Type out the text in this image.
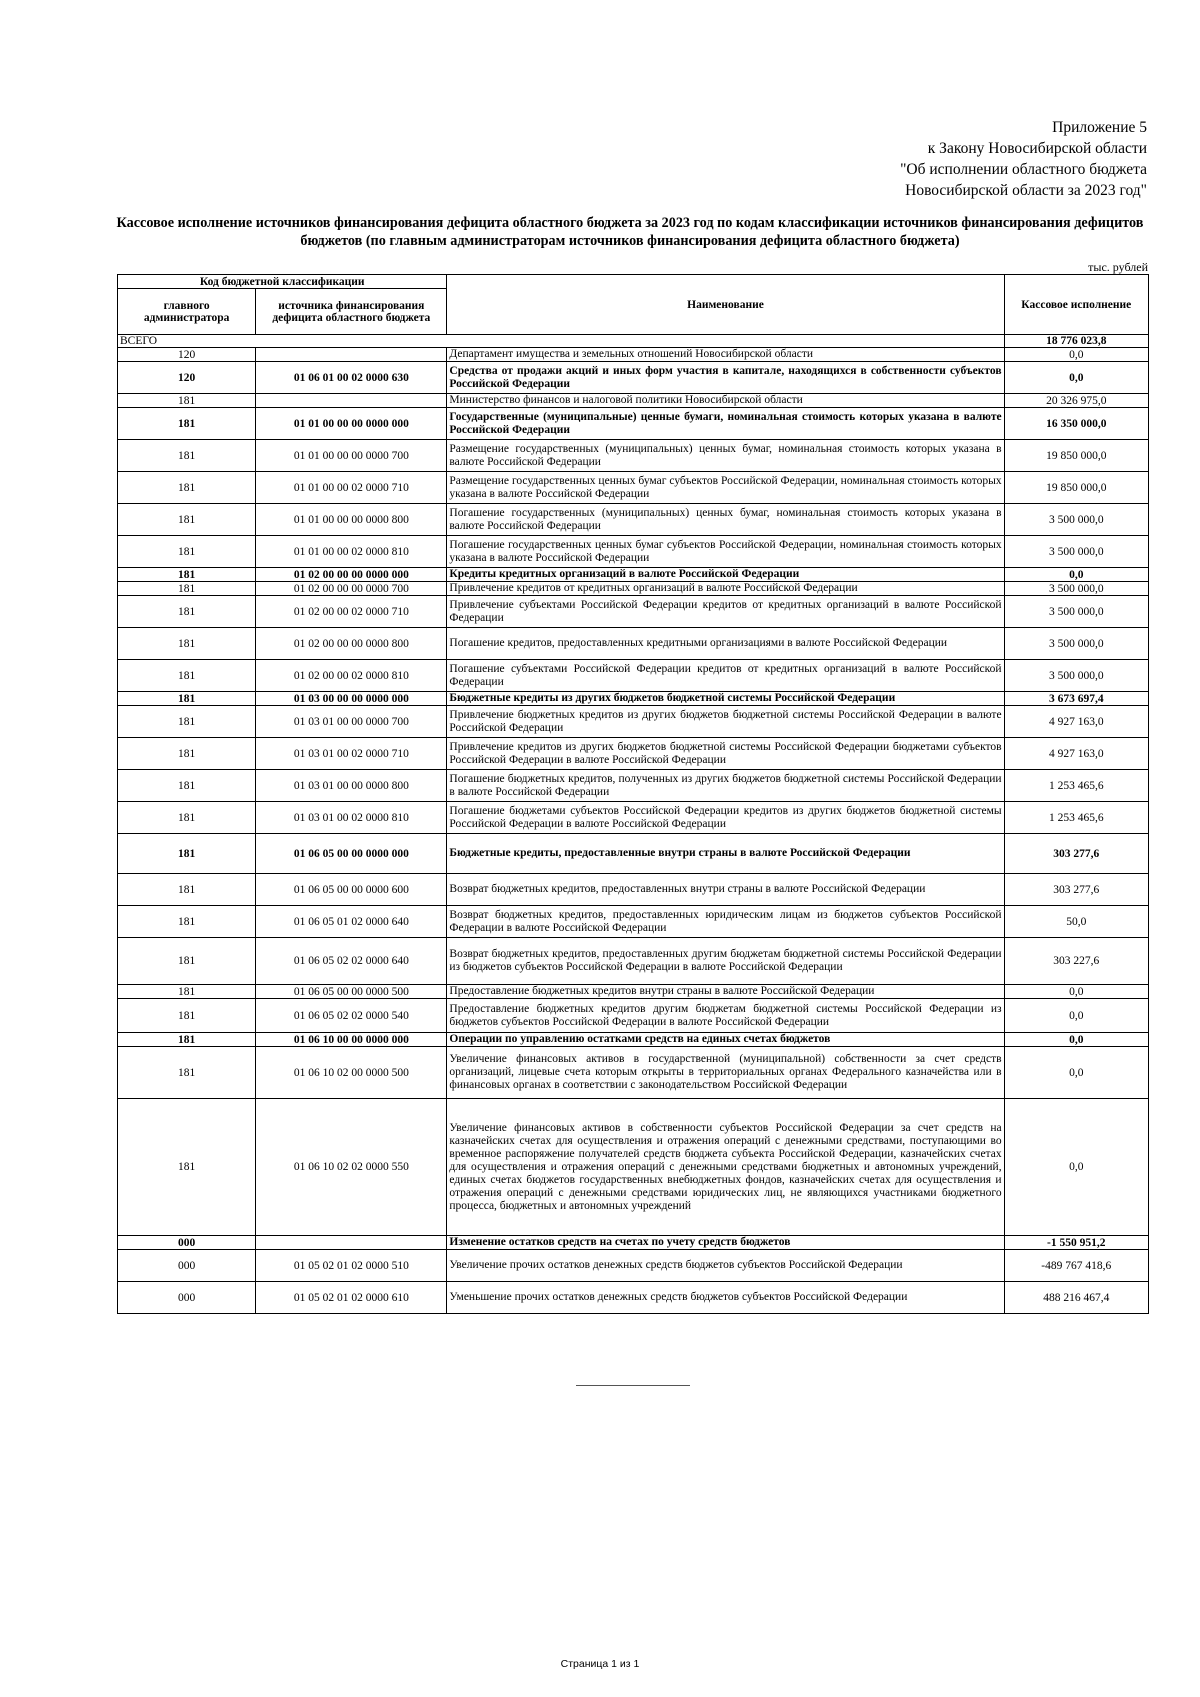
Приложение 5
к Закону Новосибирской области
"Об исполнении областного бюджета
Новосибирской области за 2023 год"
Кассовое исполнение источников финансирования дефицита областного бюджета за 2023 год по кодам классификации источников финансирования дефицитов бюджетов (по главным администраторам источников финансирования дефицита областного бюджета)
тыс. рублей
Код бюджетной классификации		Наименование	Кассовое исполнение
главного администратора	источника финансирования дефицита областного бюджета		
ВСЕГО			18 776 023,8
120		Департамент имущества и земельных отношений Новосибирской области	0,0
120	01 06 01 00 02 0000 630	Средства от продажи акций и иных форм участия в капитале, находящихся в собственности субъектов Российской Федерации	0,0
181		Министерство финансов и налоговой политики Новосибирской области	20 326 975,0
181	01 01 00 00 00 0000 000	Государственные (муниципальные) ценные бумаги, номинальная стоимость которых указана в валюте Российской Федерации	16 350 000,0
181	01 01 00 00 00 0000 700	Размещение государственных (муниципальных) ценных бумаг, номинальная стоимость которых указана в валюте Российской Федерации	19 850 000,0
181	01 01 00 00 02 0000 710	Размещение государственных ценных бумаг субъектов Российской Федерации, номинальная стоимость которых указана в валюте Российской Федерации	19 850 000,0
181	01 01 00 00 00 0000 800	Погашение государственных (муниципальных) ценных бумаг, номинальная стоимость которых указана в валюте Российской Федерации	3 500 000,0
181	01 01 00 00 02 0000 810	Погашение государственных ценных бумаг субъектов Российской Федерации, номинальная стоимость которых указана в валюте Российской Федерации	3 500 000,0
181	01 02 00 00 00 0000 000	Кредиты кредитных организаций в валюте Российской Федерации	0,0
181	01 02 00 00 00 0000 700	Привлечение кредитов от кредитных организаций в валюте Российской Федерации	3 500 000,0
181	01 02 00 00 02 0000 710	Привлечение субъектами Российской Федерации кредитов от кредитных организаций в валюте Российской Федерации	3 500 000,0
181	01 02 00 00 00 0000 800	Погашение кредитов, предоставленных кредитными организациями в валюте Российской Федерации	3 500 000,0
181	01 02 00 00 02 0000 810	Погашение субъектами Российской Федерации кредитов от кредитных организаций в валюте Российской Федерации	3 500 000,0
181	01 03 00 00 00 0000 000	Бюджетные кредиты из других бюджетов бюджетной системы Российской Федерации	3 673 697,4
181	01 03 01 00 00 0000 700	Привлечение бюджетных кредитов из других бюджетов бюджетной системы Российской Федерации в валюте Российской Федерации	4 927 163,0
181	01 03 01 00 02 0000 710	Привлечение кредитов из других бюджетов бюджетной системы Российской Федерации бюджетами субъектов Российской Федерации в валюте Российской Федерации	4 927 163,0
181	01 03 01 00 00 0000 800	Погашение бюджетных кредитов, полученных из других бюджетов бюджетной системы Российской Федерации в валюте Российской Федерации	1 253 465,6
181	01 03 01 00 02 0000 810	Погашение бюджетами субъектов Российской Федерации кредитов из других бюджетов бюджетной системы Российской Федерации в валюте Российской Федерации	1 253 465,6
181	01 06 05 00 00 0000 000	Бюджетные кредиты, предоставленные внутри страны в валюте Российской Федерации	303 277,6
181	01 06 05 00 00 0000 600	Возврат бюджетных кредитов, предоставленных внутри страны в валюте Российской Федерации	303 277,6
181	01 06 05 01 02 0000 640	Возврат бюджетных кредитов, предоставленных юридическим лицам из бюджетов субъектов Российской Федерации в валюте Российской Федерации	50,0
181	01 06 05 02 02 0000 640	Возврат бюджетных кредитов, предоставленных другим бюджетам бюджетной системы Российской Федерации из бюджетов субъектов Российской Федерации в валюте Российской Федерации	303 227,6
181	01 06 05 00 00 0000 500	Предоставление бюджетных кредитов внутри страны в валюте Российской Федерации	0,0
181	01 06 05 02 02 0000 540	Предоставление бюджетных кредитов другим бюджетам бюджетной системы Российской Федерации из бюджетов субъектов Российской Федерации в валюте Российской Федерации	0,0
181	01 06 10 00 00 0000 000	Операции по управлению остатками средств на единых счетах бюджетов	0,0
181	01 06 10 02 00 0000 500	Увеличение финансовых активов в государственной (муниципальной) собственности за счет средств организаций, лицевые счета которым открыты в территориальных органах Федерального казначейства или в финансовых органах в соответствии с законодательством Российской Федерации	0,0
181	01 06 10 02 02 0000 550	Увеличение финансовых активов в собственности субъектов Российской Федерации за счет средств на казначейских счетах для осуществления и отражения операций с денежными средствами, поступающими во временное распоряжение получателей средств бюджета субъекта Российской Федерации, казначейских счетах для осуществления и отражения операций с денежными средствами бюджетных и автономных учреждений, единых счетах бюджетов государственных внебюджетных фондов, казначейских счетах для осуществления и отражения операций с денежными средствами юридических лиц, не являющихся участниками бюджетного процесса, бюджетных и автономных учреждений	0,0
000		Изменение остатков средств на счетах по учету средств бюджетов	-1 550 951,2
000	01 05 02 01 02 0000 510	Увеличение прочих остатков денежных средств бюджетов субъектов Российской Федерации	-489 767 418,6
000	01 05 02 01 02 0000 610	Уменьшение прочих остатков денежных средств бюджетов субъектов Российской Федерации	488 216 467,4
Страница 1 из 1
